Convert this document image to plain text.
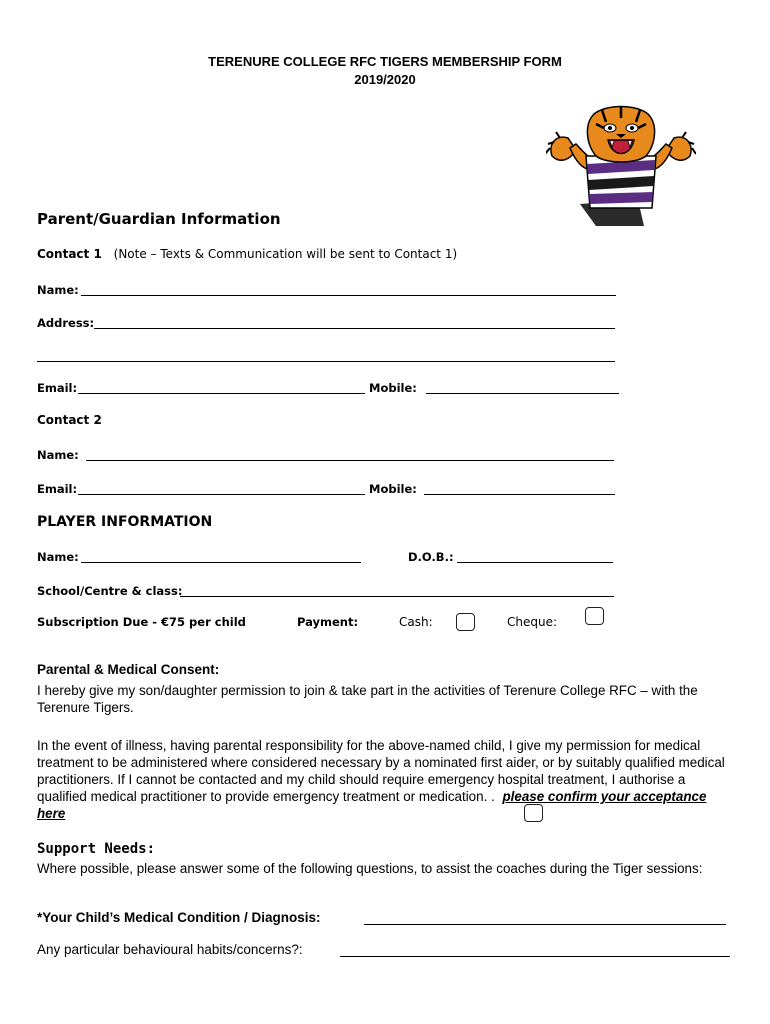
TERENURE COLLEGE RFC TIGERS MEMBERSHIP FORM
2019/2020
Parent/Guardian Information
Contact 1 (Note – Texts & Communication will be sent to Contact 1)
Name:
Address:
Email:	Mobile:
Contact 2
Name:
Email:	Mobile:
PLAYER INFORMATION
Name:	D.O.B.:
School/Centre & class:
Subscription Due - €75 per child	Payment:	Cash:	Cheque:
Parental & Medical Consent:
I hereby give my son/daughter permission to join & take part in the activities of Terenure College RFC – with the Terenure Tigers.
In the event of illness, having parental responsibility for the above-named child, I give my permission for medical treatment to be administered where considered necessary by a nominated first aider, or by suitably qualified medical practitioners. If I cannot be contacted and my child should require emergency hospital treatment, I authorise a qualified medical practitioner to provide emergency treatment or medication. . please confirm your acceptance here
Support Needs:
Where possible, please answer some of the following questions, to assist the coaches during the Tiger sessions:
*Your Child’s Medical Condition / Diagnosis:
Any particular behavioural habits/concerns?:
